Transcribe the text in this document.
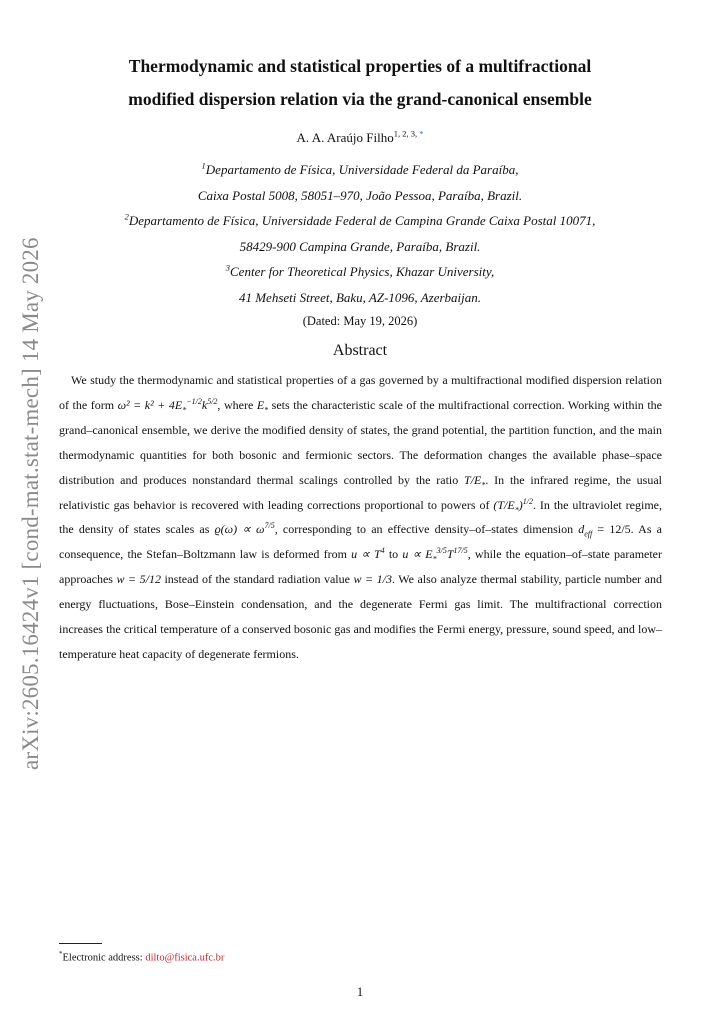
arXiv:2605.16424v1 [cond-mat.stat-mech] 14 May 2026
Thermodynamic and statistical properties of a multifractional
modified dispersion relation via the grand-canonical ensemble
A. A. Araújo Filho$^{1, 2, 3,}$ *
$^1$Departamento de Física, Universidade Federal da Paraíba,
Caixa Postal 5008, 58051–970, João Pessoa, Paraíba, Brazil.
$^2$Departamento de Física, Universidade Federal de Campina Grande Caixa Postal 10071,
58429-900 Campina Grande, Paraíba, Brazil.
$^3$Center for Theoretical Physics, Khazar University,
41 Mehseti Street, Baku, AZ-1096, Azerbaijan.
(Dated: May 19, 2026)
Abstract

We study the thermodynamic and statistical properties of a gas governed by a multifractional modified dispersion relation of the form $\omega^2 = k^2 + 4E_*^{-1/2}k^{5/2}$, where $E_*$ sets the characteristic scale of the multifractional correction. Working within the grand–canonical ensemble, we derive the modified density of states, the grand potential, the partition function, and the main thermodynamic quantities for both bosonic and fermionic sectors. The deformation changes the available phase–space distribution and produces nonstandard thermal scalings controlled by the ratio $T/E_*$. In the infrared regime, the usual relativistic gas behavior is recovered with leading corrections proportional to powers of $(T/E_*)^{1/2}$. In the ultraviolet regime, the density of states scales as $ϱ(\omega) \propto \omega^{7/5}$, corresponding to an effective density–of–states dimension $d_{eff} = 12/5$. As a consequence, the Stefan–Boltzmann law is deformed from $u \propto T^4$ to $u \propto E_*^{3/5}T^{17/5}$, while the equation–of–state parameter approaches w = 5/12 instead of the standard radiation value w = 1/3. We also analyze thermal stability, particle number and energy fluctuations, Bose–Einstein condensation, and the degenerate Fermi gas limit. The multifractional correction increases the critical temperature of a conserved bosonic gas and modifies the Fermi energy, pressure, sound speed, and low–temperature heat capacity of degenerate fermions.

*Electronic address: dilto@fisica.ufc.br
1
